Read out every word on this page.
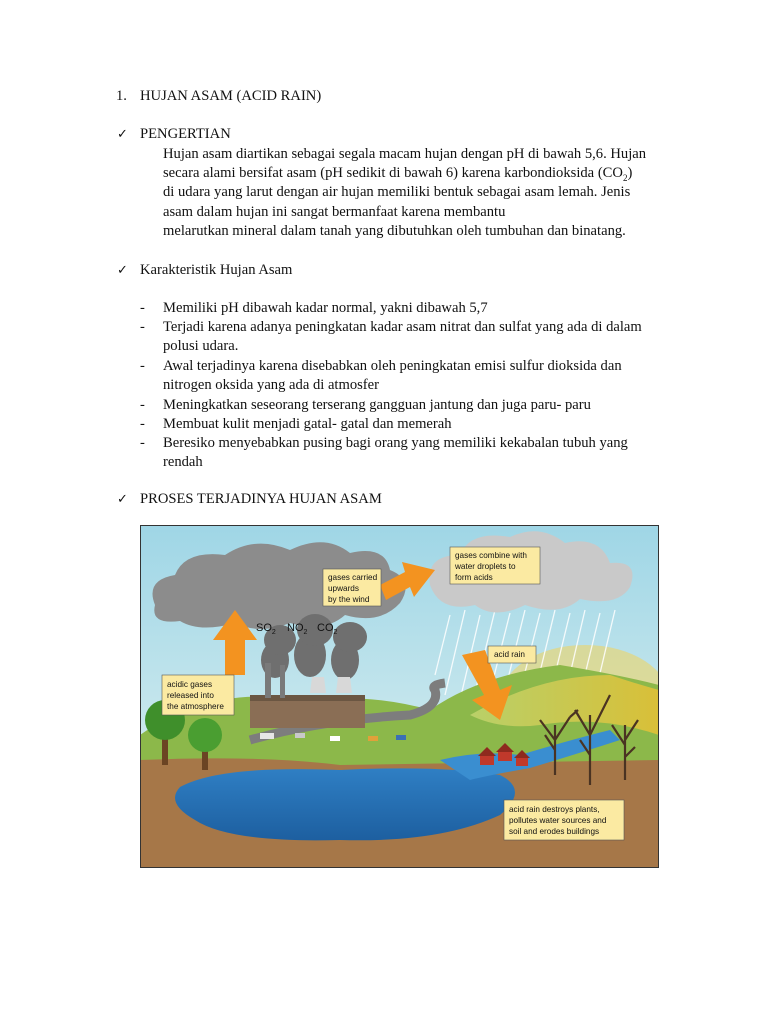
1. HUJAN ASAM (ACID RAIN)
✓ PENGERTIAN
Hujan asam diartikan sebagai segala macam hujan dengan pH di bawah 5,6. Hujan
secara alami bersifat asam (pH sedikit di bawah 6) karena karbondioksida $(CO_2)$
di udara yang larut dengan air hujan memiliki bentuk sebagai asam lemah. Jenis
asam dalam hujan ini sangat bermanfaat karena membantu
melarutkan mineral dalam tanah yang dibutuhkan oleh tumbuhan dan binatang.
✓ Karakteristik Hujan Asam
- Memiliki pH dibawah kadar normal, yakni dibawah 5,7
- Terjadi karena adanya peningkatan kadar asam nitrat dan sulfat yang ada di dalam
polusi udara.
- Awal terjadinya karena disebabkan oleh peningkatan emisi sulfur dioksida dan
nitrogen oksida yang ada di atmosfer
- Meningkatkan seseorang terserang gangguan jantung dan juga paru- paru
- Membuat kulit menjadi gatal- gatal dan memerah
- Beresiko menyebabkan pusing bagi orang yang memiliki kekabalan tubuh yang
rendah
✓ PROSES TERJADINYA HUJAN ASAM
$SO_2$ $NO_2$ $CO_2$
gases carried
upwards
by the wind
gases combine with
water droplets to
form acids
acid rain
acidic gases
released into
the atmosphere
acid rain destroys plants,
pollutes water sources and
soil and erodes buildings
